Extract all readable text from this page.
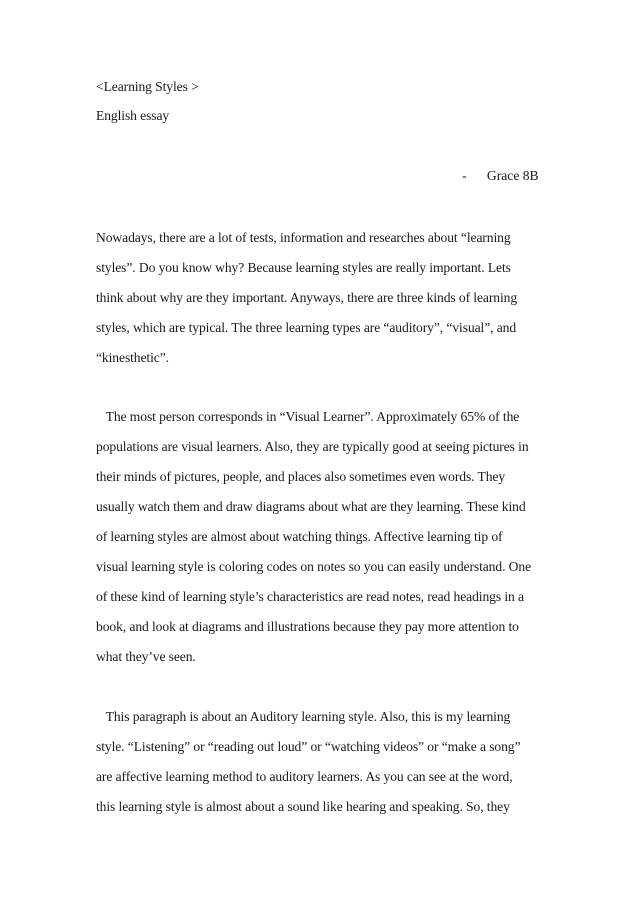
<Learning Styles >
English essay
- Grace 8B
Nowadays, there are a lot of tests, information and researches about “learning
styles”. Do you know why? Because learning styles are really important. Lets
think about why are they important. Anyways, there are three kinds of learning
styles, which are typical. The three learning types are “auditory”, “visual”, and
“kinesthetic”.
The most person corresponds in “Visual Learner”. Approximately 65% of the
populations are visual learners. Also, they are typically good at seeing pictures in
their minds of pictures, people, and places also sometimes even words. They
usually watch them and draw diagrams about what are they learning. These kind
of learning styles are almost about watching things. Affective learning tip of
visual learning style is coloring codes on notes so you can easily understand. One
of these kind of learning style’s characteristics are read notes, read headings in a
book, and look at diagrams and illustrations because they pay more attention to
what they’ve seen.
This paragraph is about an Auditory learning style. Also, this is my learning
style. “Listening” or “reading out loud” or “watching videos” or “make a song”
are affective learning method to auditory learners. As you can see at the word,
this learning style is almost about a sound like hearing and speaking. So, they
